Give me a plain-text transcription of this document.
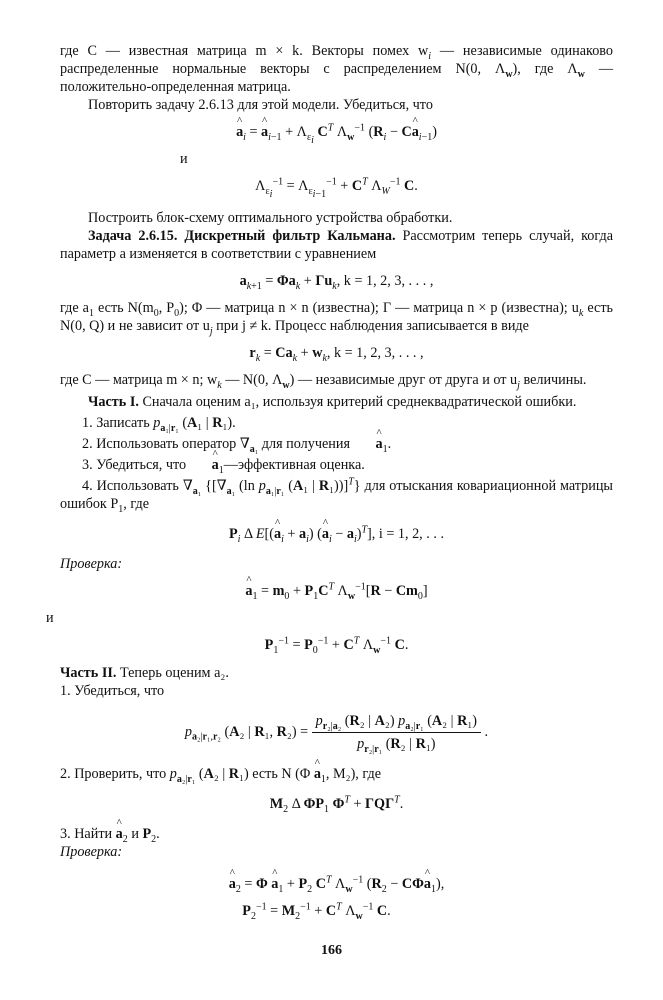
где C — известная матрица m × k. Векторы помех $w_i$ — независимые одинаково распределенные нормальные векторы с распределением N(0, $\Lambda_w$), где $\Lambda_w$ — положительно-определенная матрица.

Повторить задачу 2.6.13 для этой модели. Убедиться, что

^ $a_i$ = ^ $a_{i-1} + \Lambda_{\varepsilon_i}$ $C^T$ $\Lambda_w^{-1}$ ($R_i$ − C^ $a_{i-1}$)

и

$\Lambda_{\varepsilon_i}^{-1} = \Lambda_{\varepsilon_{i-1}}^{-1} + C^T$ $\Lambda_W^{-1}$ C.

Построить блок-схему оптимального устройства обработки.

Задача 2.6.15. Дискретный фильтр Кальмана. Рассмотрим теперь случай, когда параметр a изменяется в соответствии с уравнением

$a_{k+1} = \Phi a_k + \Gamma u_k$, k = 1, 2, 3, . . . ,

где $a_1$ есть $N(m_0$, $P_0$); Φ — матрица n × n (известна); Γ — матрица n × p (известна); $u_k$ есть N(0, Q) и не зависит от $u_j$ при j ≠ k. Процесс наблюдения записывается в виде

$r_k = Ca_k + w_k$, k = 1, 2, 3, . . . ,

где C — матрица m × n; $w_k$ — N(0, $\Lambda_w$) — независимые друг от друга и от $u_j$ величины.

Часть I. Сначала оценим a₁, используя критерий среднеквадратической ошибки.

1. Записать $p_{a_1|r_1}$ (A₁ | R₁).

2. Использовать оператор $\nabla_{a_1}$ для получения ^ $a_1$.

3. Убедиться, что ^ $a_1—эффективная$ оценка.

4. Использовать $\nabla_{a_1}$ {[$\nabla_{a_1}$ (ln $p_{a_1|r_1}$ (A₁ | R₁))]$^T$} для отыскания ковариационной матрицы ошибок $P_1$, где

$P_i$ Δ E[(^ $a_i + a_i$) (^ $a_i - a_i)^T$], i = 1, 2, . . .

Проверка:

^ $a_1 = m_0 + P_1C^T$ $\Lambda_w^{-1}[R - Cm_0]$

и

$P_1^{-1} = P_0^{-1} + C^T$ $\Lambda_w^{-1}$ C.

Часть II. Теперь оценим a₂.

1. Убедиться, что

$p_{a_2|r_1,r_2}$ (A₂ | R₁, $R_2) = \frac{p_{r_2|a_2} (R_2 | A_2) p_{a_2|r_1} (A_2 | R_1)}{p_{r_2|r_1} (R_2 | R_1)}$ .

2. Проверить, что $p_{a_2|r_1}$ (A₂ | R₁) есть N (Φ ^ $a_1$, M₂), где

$M_2$ Δ $\Phi P_1$ $\Phi^T + \Gamma Q\Gamma^T$.

3. Найти ^ $a_2$ и $P_2$.

Проверка:

^ $a_2 = \Phi$ ^ $a_1 + P_2$ $C^T$ $\Lambda_w^{-1}$ ($R_2$ − CΦ^ $a_1$),
$P_2^{-1} = M_2^{-1} + C^T$ $\Lambda_w^{-1}$ C.
166
